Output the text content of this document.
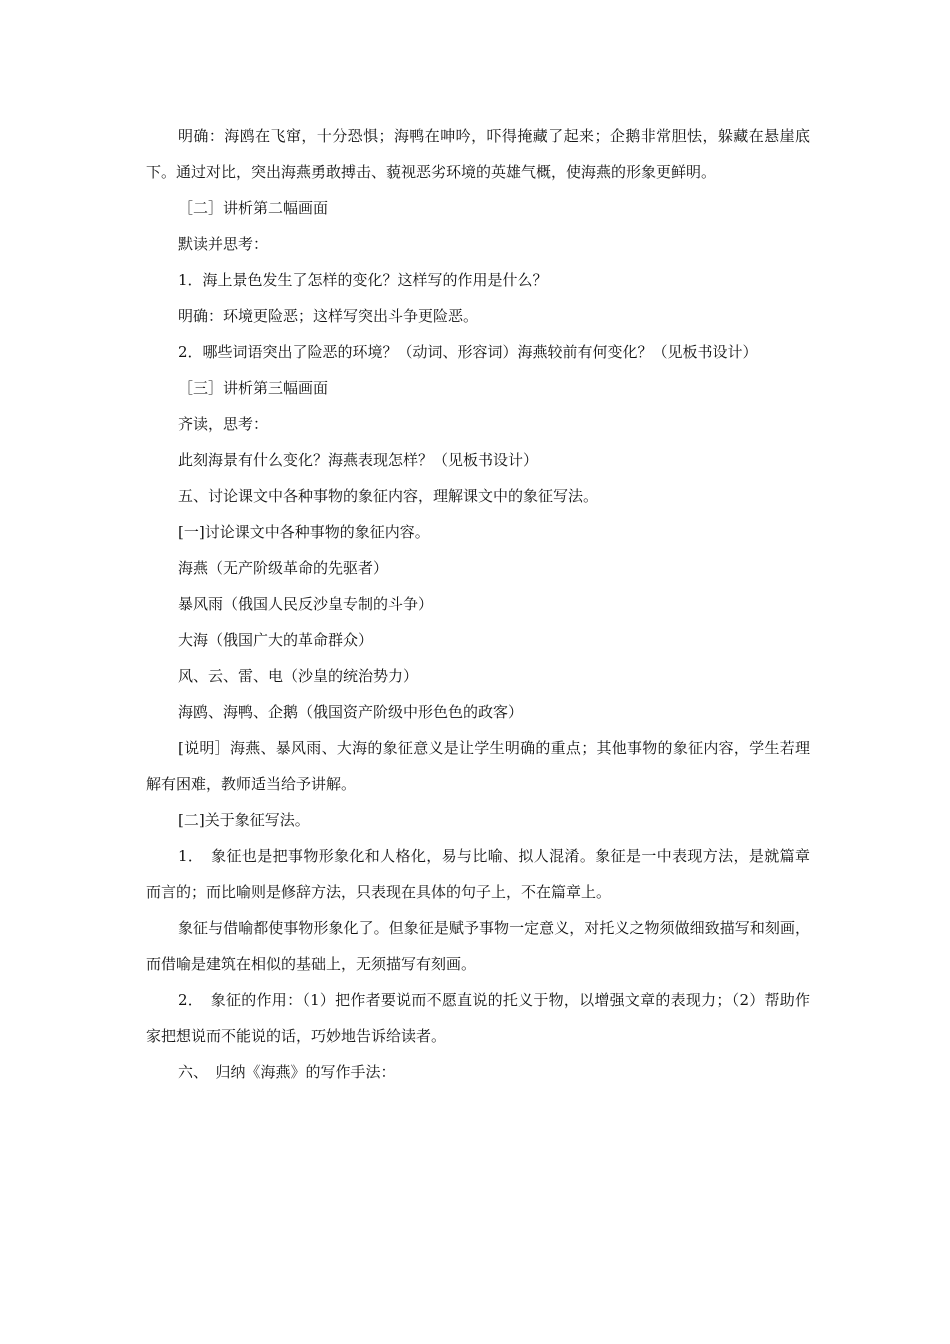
明确：海鸥在飞窜，十分恐惧；海鸭在呻吟，吓得掩藏了起来；企鹅非常胆怯，躲藏在悬崖底下。通过对比，突出海燕勇敢搏击、藐视恶劣环境的英雄气概，使海燕的形象更鲜明。

［二］讲析第二幅画面

默读并思考：

1．海上景色发生了怎样的变化？这样写的作用是什么？

明确：环境更险恶；这样写突出斗争更险恶。

2．哪些词语突出了险恶的环境？（动词、形容词）海燕较前有何变化？（见板书设计）

［三］讲析第三幅画面

齐读，思考：

此刻海景有什么变化？海燕表现怎样？（见板书设计）

五、讨论课文中各种事物的象征内容，理解课文中的象征写法。

[一]讨论课文中各种事物的象征内容。

海燕（无产阶级革命的先驱者）

暴风雨（俄国人民反沙皇专制的斗争）

大海（俄国广大的革命群众）

风、云、雷、电（沙皇的统治势力）

海鸥、海鸭、企鹅（俄国资产阶级中形色色的政客）

[说明］海燕、暴风雨、大海的象征意义是让学生明确的重点；其他事物的象征内容，学生若理解有困难，教师适当给予讲解。

[二]关于象征写法。

1．　象征也是把事物形象化和人格化，易与比喻、拟人混淆。象征是一中表现方法，是就篇章而言的；而比喻则是修辞方法，只表现在具体的句子上，不在篇章上。

象征与借喻都使事物形象化了。但象征是赋予事物一定意义，对托义之物须做细致描写和刻画，而借喻是建筑在相似的基础上，无须描写有刻画。

2．　象征的作用：（1）把作者要说而不愿直说的托义于物，以增强文章的表现力；（2）帮助作家把想说而不能说的话，巧妙地告诉给读者。

六、　归纳《海燕》的写作手法：
